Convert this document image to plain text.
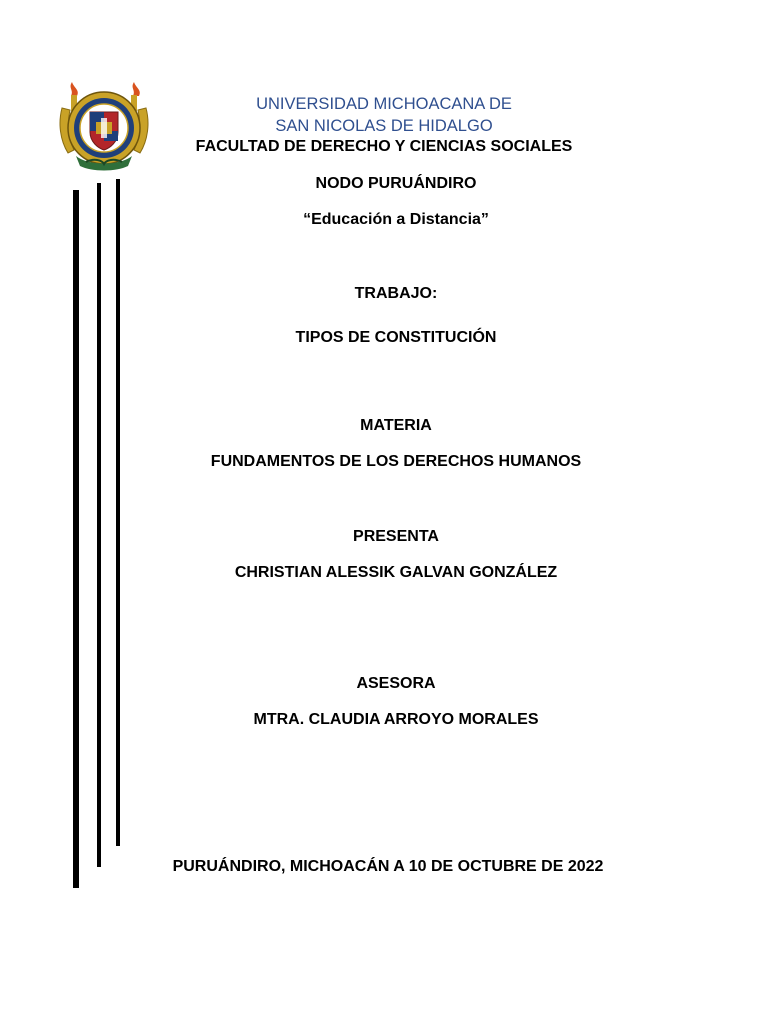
UNIVERSIDAD MICHOACANA DE
SAN NICOLAS DE HIDALGO
FACULTAD DE DERECHO Y CIENCIAS SOCIALES
NODO PURUÁNDIRO
“Educación a Distancia”
TRABAJO:
TIPOS DE CONSTITUCIÓN
MATERIA
FUNDAMENTOS DE LOS DERECHOS HUMANOS
PRESENTA
CHRISTIAN ALESSIK GALVAN GONZÁLEZ
ASESORA
MTRA. CLAUDIA ARROYO MORALES
PURUÁNDIRO, MICHOACÁN A 10 DE OCTUBRE DE 2022
